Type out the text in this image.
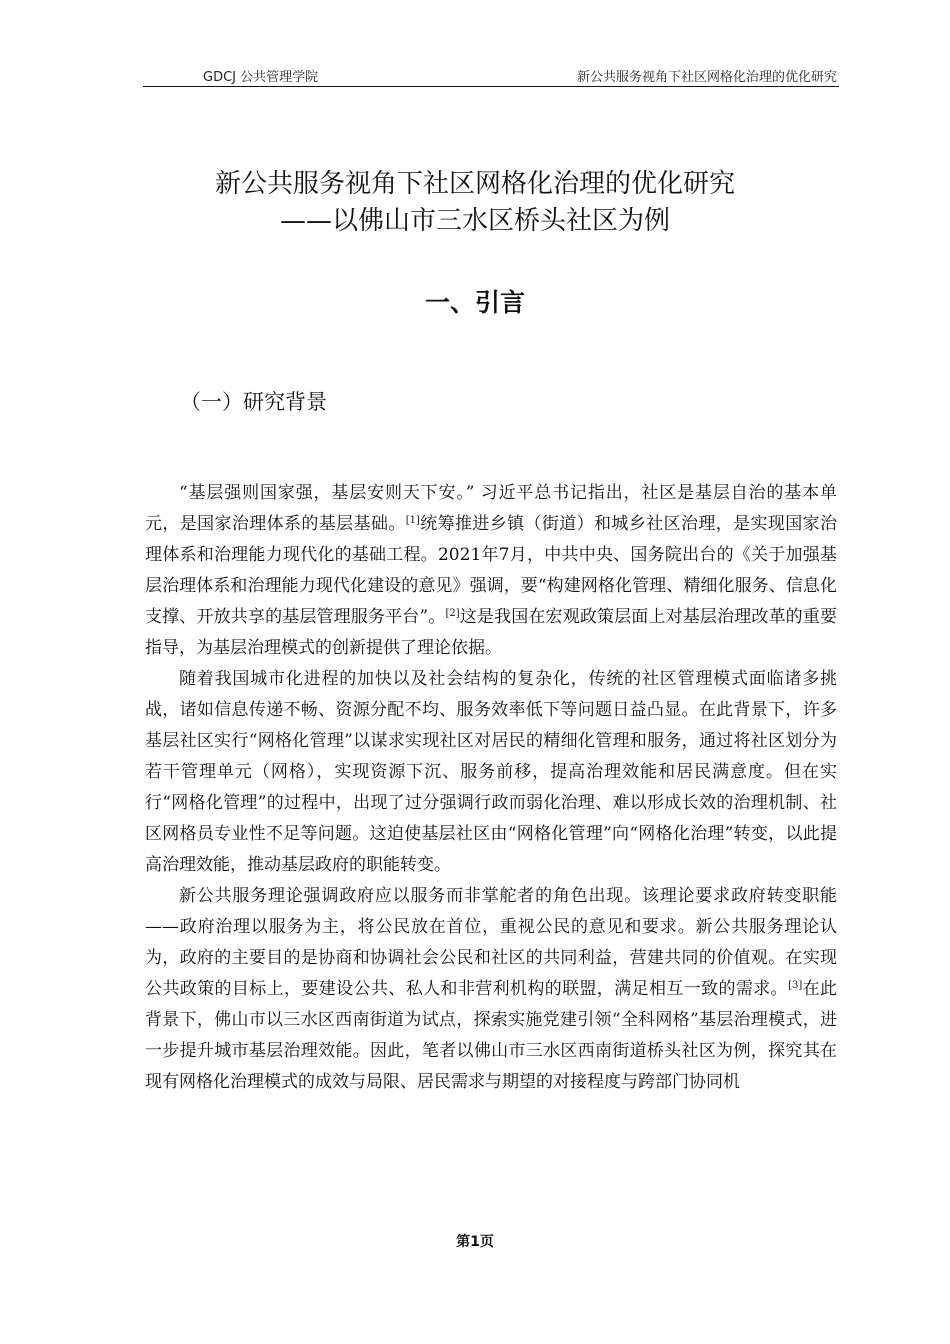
GDCJ 公共管理学院	新公共服务视角下社区网格化治理的优化研究
新公共服务视角下社区网格化治理的优化研究
——以佛山市三水区桥头社区为例
一、引言
（一）研究背景

“基层强则国家强，基层安则天下安。” 习近平总书记指出，社区是基层自治的基本单元，是国家治理体系的基层基础。[1]统筹推进乡镇（街道）和城乡社区治理，是实现国家治理体系和治理能力现代化的基础工程。2021年7月，中共中央、国务院出台的《关于加强基层治理体系和治理能力现代化建设的意见》强调，要“构建网格化管理、精细化服务、信息化支撑、开放共享的基层管理服务平台”。[2]这是我国在宏观政策层面上对基层治理改革的重要指导，为基层治理模式的创新提供了理论依据。

随着我国城市化进程的加快以及社会结构的复杂化，传统的社区管理模式面临诸多挑战，诸如信息传递不畅、资源分配不均、服务效率低下等问题日益凸显。在此背景下，许多基层社区实行“网格化管理”以谋求实现社区对居民的精细化管理和服务，通过将社区划分为若干管理单元（网格），实现资源下沉、服务前移，提高治理效能和居民满意度。但在实行“网格化管理”的过程中，出现了过分强调行政而弱化治理、难以形成长效的治理机制、社区网格员专业性不足等问题。这迫使基层社区由“网格化管理”向“网格化治理”转变，以此提高治理效能，推动基层政府的职能转变。

新公共服务理论强调政府应以服务而非掌舵者的角色出现。该理论要求政府转变职能——政府治理以服务为主，将公民放在首位，重视公民的意见和要求。新公共服务理论认为，政府的主要目的是协商和协调社会公民和社区的共同利益，营建共同的价值观。在实现公共政策的目标上，要建设公共、私人和非营利机构的联盟，满足相互一致的需求。[3]在此背景下，佛山市以三水区西南街道为试点，探索实施党建引领“全科网格”基层治理模式，进一步提升城市基层治理效能。因此，笔者以佛山市三水区西南街道桥头社区为例，探究其在现有网格化治理模式的成效与局限、居民需求与期望的对接程度与跨部门协同机

第1页
